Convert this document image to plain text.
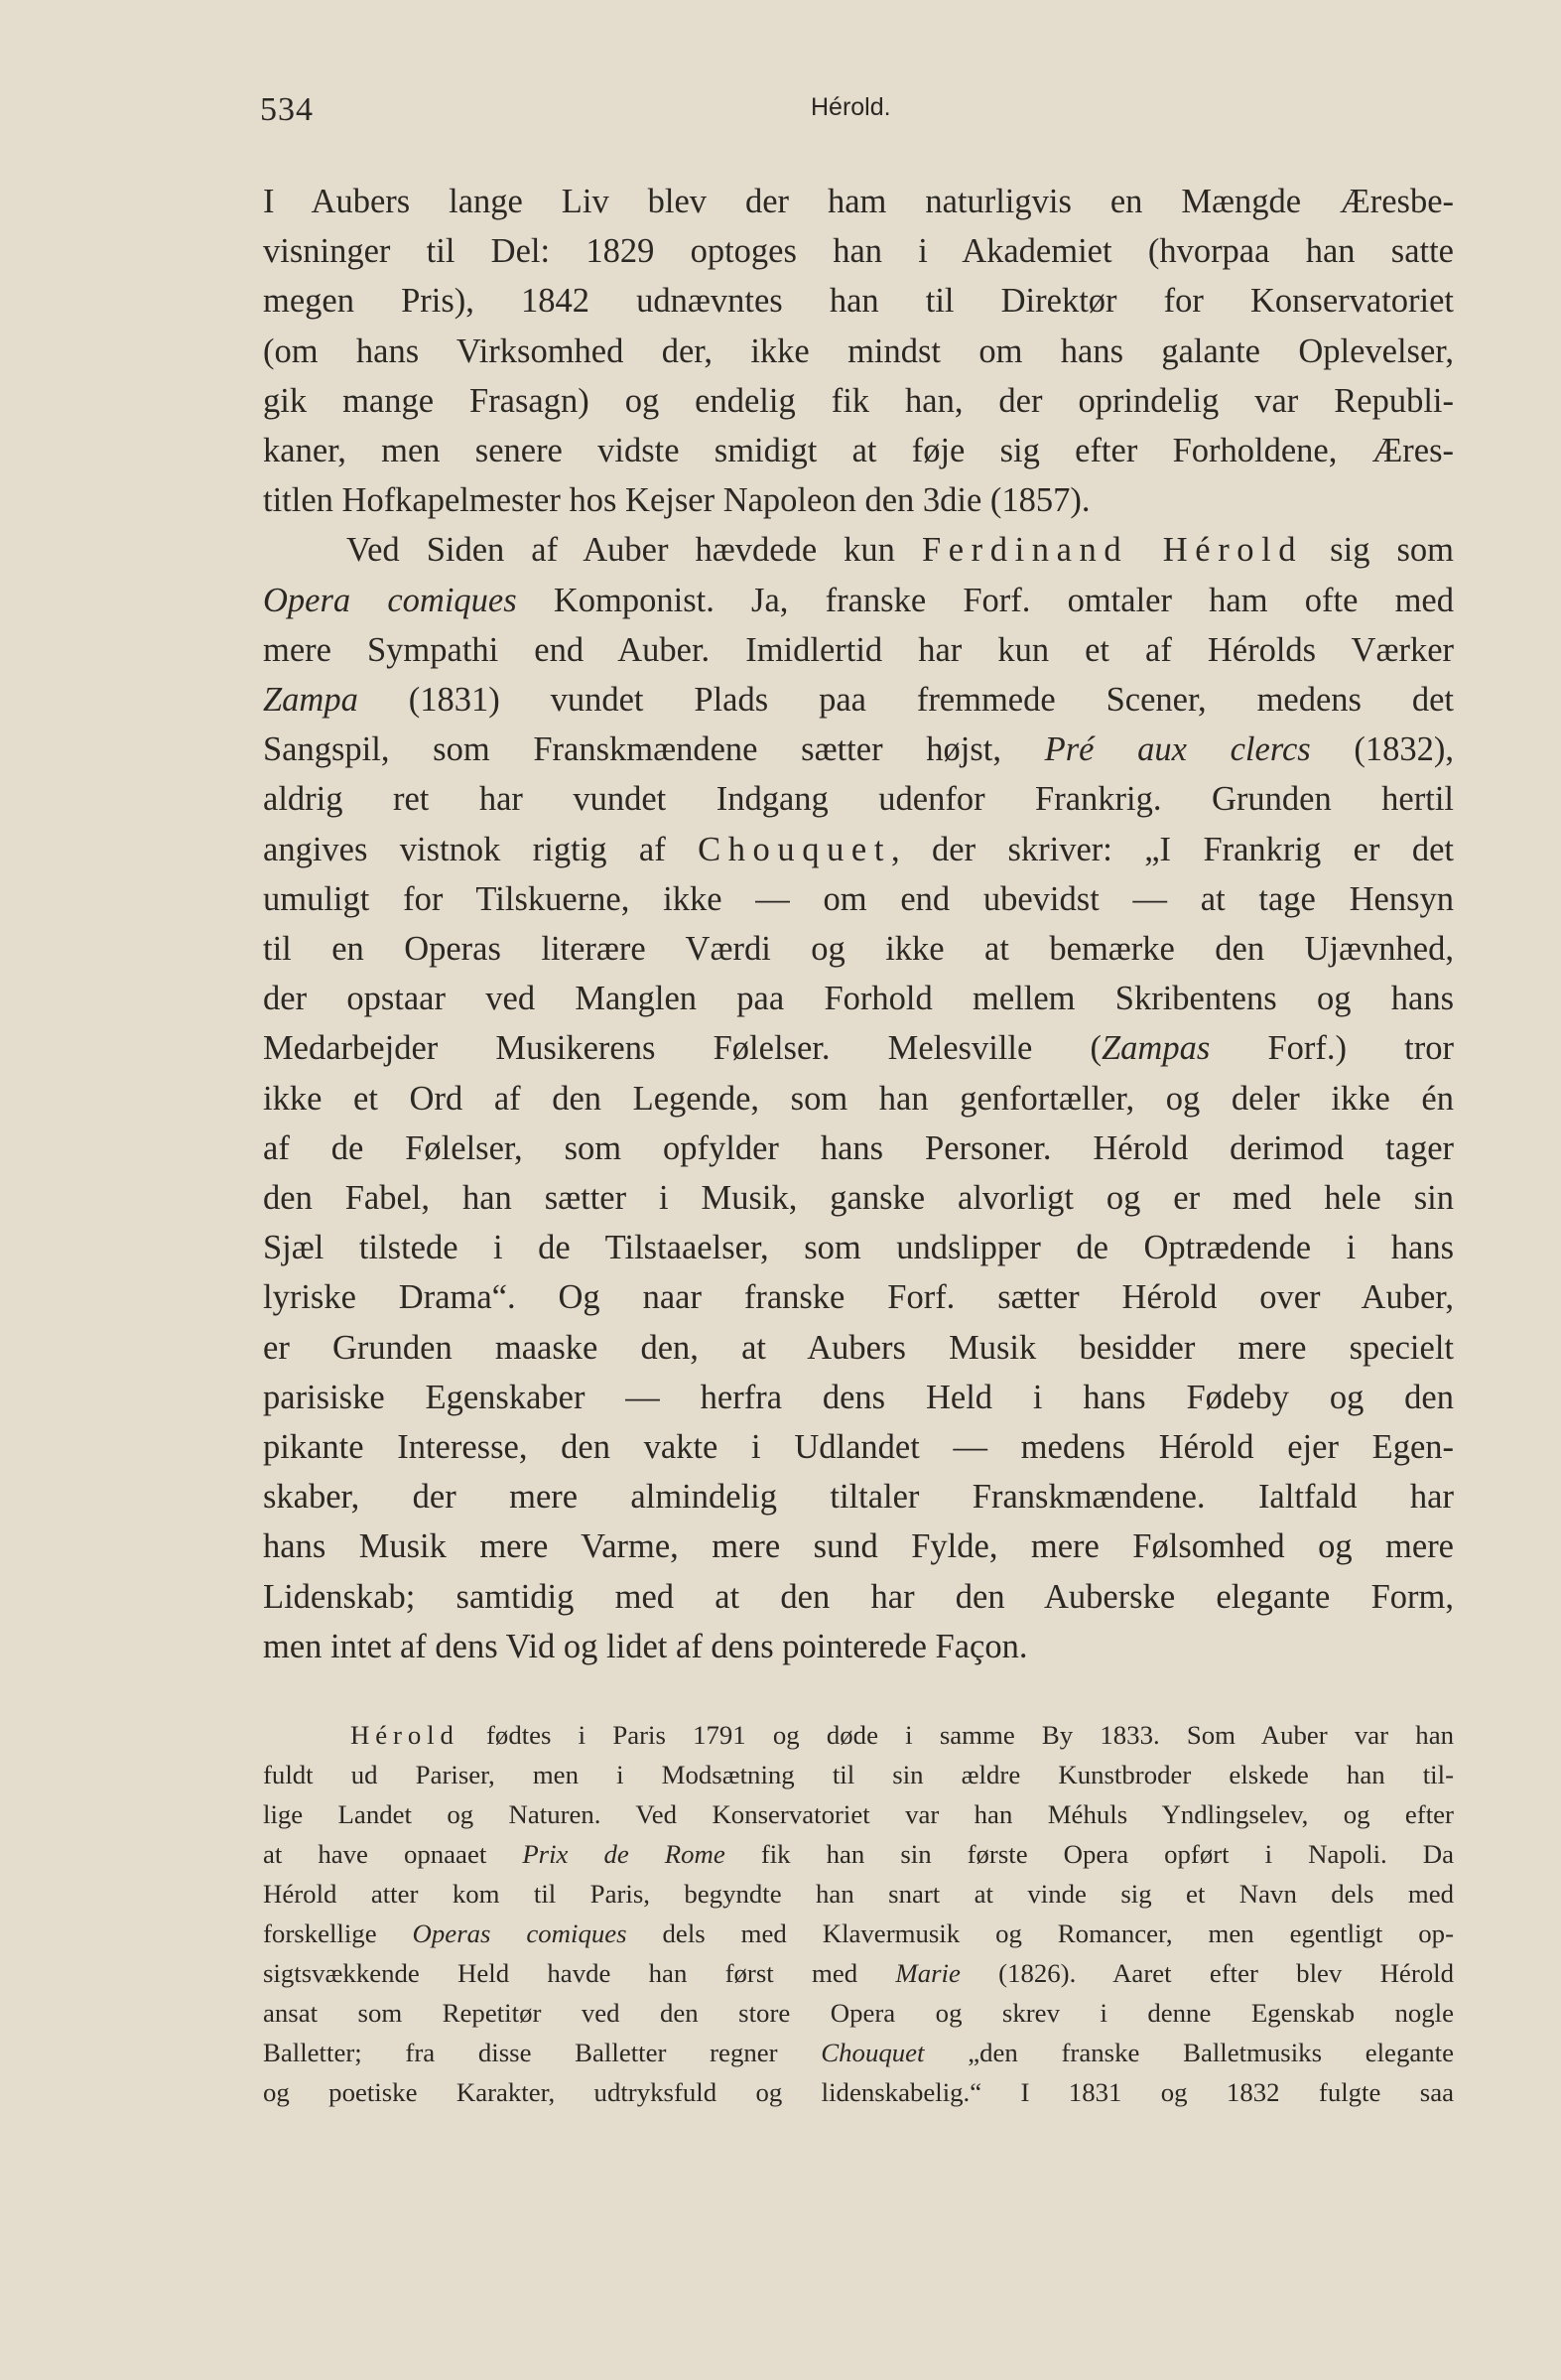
534	Hérold.
I Aubers lange Liv blev der ham naturligvis en Mængde Æresbe-
visninger til Del: 1829 optoges han i Akademiet (hvorpaa han satte
megen Pris), 1842 udnævntes han til Direktør for Konservatoriet
(om hans Virksomhed der, ikke mindst om hans galante Oplevelser,
gik mange Frasagn) og endelig fik han, der oprindelig var Republi-
kaner, men senere vidste smidigt at føje sig efter Forholdene, Æres-
titlen Hofkapelmester hos Kejser Napoleon den 3die (1857).
Ved Siden af Auber hævdede kun Ferdinand Hérold sig som
Opera comiques Komponist. Ja, franske Forf. omtaler ham ofte med
mere Sympathi end Auber. Imidlertid har kun et af Hérolds Værker
Zampa (1831) vundet Plads paa fremmede Scener, medens det
Sangspil, som Franskmændene sætter højst, Pré aux clercs (1832),
aldrig ret har vundet Indgang udenfor Frankrig. Grunden hertil
angives vistnok rigtig af Chouquet, der skriver: „I Frankrig er det
umuligt for Tilskuerne, ikke — om end ubevidst — at tage Hensyn
til en Operas literære Værdi og ikke at bemærke den Ujævnhed,
der opstaar ved Manglen paa Forhold mellem Skribentens og hans
Medarbejder Musikerens Følelser. Melesville (Zampas Forf.) tror
ikke et Ord af den Legende, som han genfortæller, og deler ikke én
af de Følelser, som opfylder hans Personer. Hérold derimod tager
den Fabel, han sætter i Musik, ganske alvorligt og er med hele sin
Sjæl tilstede i de Tilstaaelser, som undslipper de Optrædende i hans
lyriske Drama“. Og naar franske Forf. sætter Hérold over Auber,
er Grunden maaske den, at Aubers Musik besidder mere specielt
parisiske Egenskaber — herfra dens Held i hans Fødeby og den
pikante Interesse, den vakte i Udlandet — medens Hérold ejer Egen-
skaber, der mere almindelig tiltaler Franskmændene. Ialtfald har
hans Musik mere Varme, mere sund Fylde, mere Følsomhed og mere
Lidenskab; samtidig med at den har den Auberske elegante Form,
men intet af dens Vid og lidet af dens pointerede Façon.
Hérold fødtes i Paris 1791 og døde i samme By 1833. Som Auber var han
fuldt ud Pariser, men i Modsætning til sin ældre Kunstbroder elskede han til-
lige Landet og Naturen. Ved Konservatoriet var han Méhuls Yndlingselev, og efter
at have opnaaet Prix de Rome fik han sin første Opera opført i Napoli. Da
Hérold atter kom til Paris, begyndte han snart at vinde sig et Navn dels med
forskellige Operas comiques dels med Klavermusik og Romancer, men egentligt op-
sigtsvækkende Held havde han først med Marie (1826). Aaret efter blev Hérold
ansat som Repetitør ved den store Opera og skrev i denne Egenskab nogle
Balletter; fra disse Balletter regner Chouquet „den franske Balletmusiks elegante
og poetiske Karakter, udtryksfuld og lidenskabelig.“ I 1831 og 1832 fulgte saa
